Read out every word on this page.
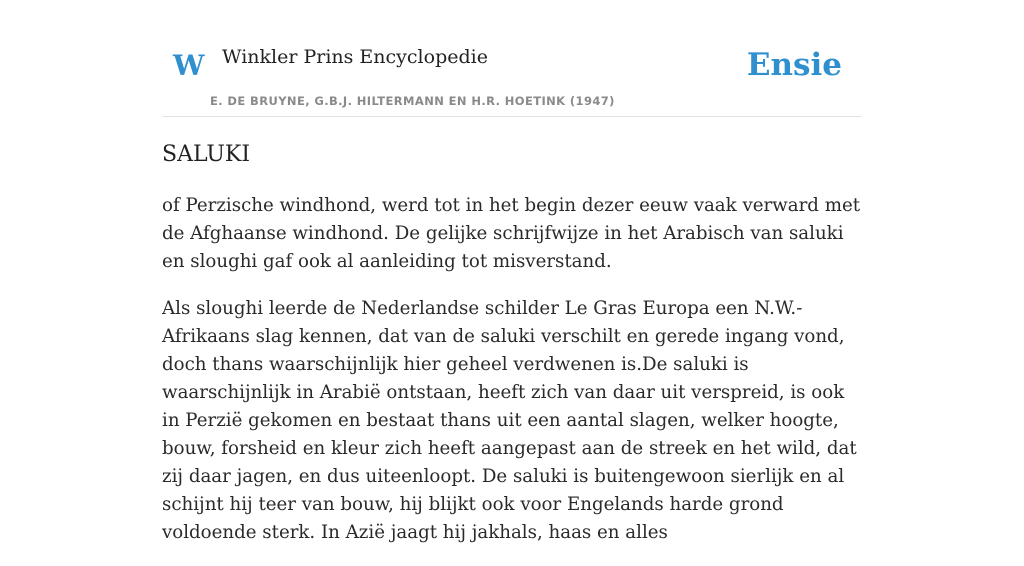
W Winkler Prins Encyclopedie
E. DE BRUYNE, G.B.J. HILTERMANN EN H.R. HOETINK (1947)
Ensie
SALUKI

of Perzische windhond, werd tot in het begin dezer eeuw vaak verward met de Afghaanse windhond. De gelijke schrijfwijze in het Arabisch van saluki en sloughi gaf ook al aanleiding tot misverstand.

Als sloughi leerde de Nederlandse schilder Le Gras Europa een N.W.-Afrikaans slag kennen, dat van de saluki verschilt en gerede ingang vond, doch thans waarschijnlijk hier geheel verdwenen is.De saluki is waarschijnlijk in Arabië ontstaan, heeft zich van daar uit verspreid, is ook in Perzië gekomen en bestaat thans uit een aantal slagen, welker hoogte, bouw, forsheid en kleur zich heeft aangepast aan de streek en het wild, dat zij daar jagen, en dus uiteenloopt. De saluki is buitengewoon sierlijk en al schijnt hij teer van bouw, hij blijkt ook voor Engelands harde grond voldoende sterk. In Azië jaagt hij jakhals, haas en alles
